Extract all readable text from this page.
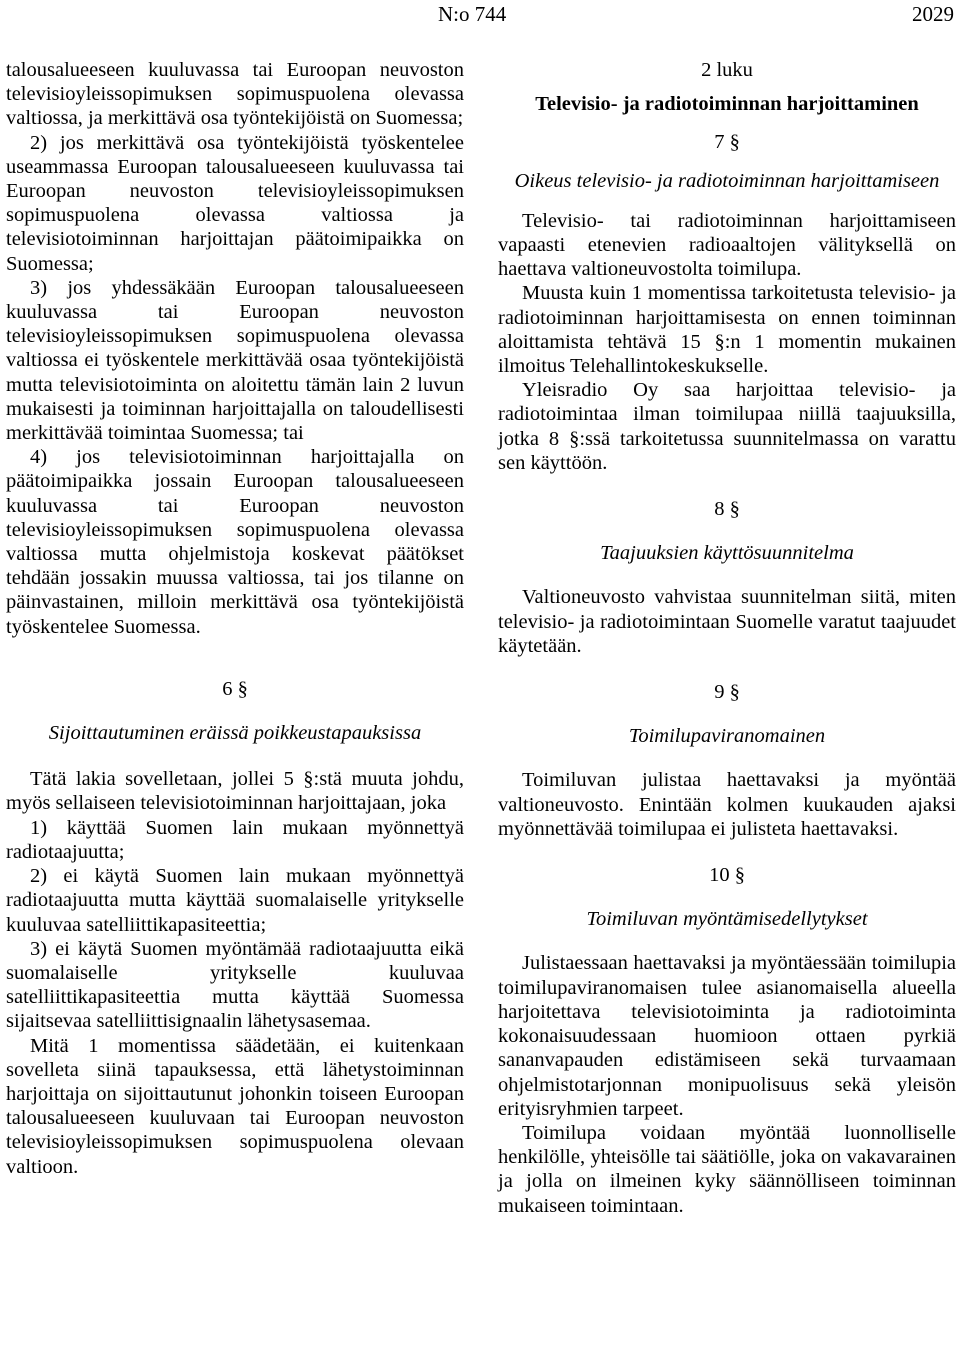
N:o 744	2029

talousalueeseen kuuluvassa tai Euroopan neuvoston televisioyleissopimuksen sopimuspuolena olevassa valtiossa, ja merkittävä osa työntekijöistä on Suomessa;

2) jos merkittävä osa työntekijöistä työskentelee useammassa Euroopan talousalueeseen kuuluvassa tai Euroopan neuvoston televisioyleissopimuksen sopimuspuolena olevassa valtiossa ja televisiotoiminnan harjoittajan päätoimipaikka on Suomessa;

3) jos yhdessäkään Euroopan talousalueeseen kuuluvassa tai Euroopan neuvoston televisioyleissopimuksen sopimuspuolena olevassa valtiossa ei työskentele merkittävää osaa työntekijöistä mutta televisiotoiminta on aloitettu tämän lain 2 luvun mukaisesti ja toiminnan harjoittajalla on taloudellisesti merkittävää toimintaa Suomessa; tai

4) jos televisiotoiminnan harjoittajalla on päätoimipaikka jossain Euroopan talousalueeseen kuuluvassa tai Euroopan neuvoston televisioyleissopimuksen sopimuspuolena olevassa valtiossa mutta ohjelmistoja koskevat päätökset tehdään jossakin muussa valtiossa, tai jos tilanne on päinvastainen, milloin merkittävä osa työntekijöistä työskentelee Suomessa.

6 §

Sijoittautuminen eräissä poikkeustapauksissa

Tätä lakia sovelletaan, jollei 5 §:stä muuta johdu, myös sellaiseen televisiotoiminnan harjoittajaan, joka

1) käyttää Suomen lain mukaan myönnettyä radiotaajuutta;

2) ei käytä Suomen lain mukaan myönnettyä radiotaajuutta mutta käyttää suomalaiselle yritykselle kuuluvaa satelliittikapasiteettia;

3) ei käytä Suomen myöntämää radiotaajuutta eikä suomalaiselle yritykselle kuuluvaa satelliittikapasiteettia mutta käyttää Suomessa sijaitsevaa satelliittisignaalin lähetysasemaa.

Mitä 1 momentissa säädetään, ei kuitenkaan sovelleta siinä tapauksessa, että lähetystoiminnan harjoittaja on sijoittautunut johonkin toiseen Euroopan talousalueeseen kuuluvaan tai Euroopan neuvoston televisioyleissopimuksen sopimuspuolena olevaan valtioon.

2 luku

Televisio- ja radiotoiminnan harjoittaminen

7 §

Oikeus televisio- ja radiotoiminnan harjoittamiseen

Televisio- tai radiotoiminnan harjoittamiseen vapaasti etenevien radioaaltojen välityksellä on haettava valtioneuvostolta toimilupa.

Muusta kuin 1 momentissa tarkoitetusta televisio- ja radiotoiminnan harjoittamisesta on ennen toiminnan aloittamista tehtävä 15 §:n 1 momentin mukainen ilmoitus Telehallintokeskukselle.

Yleisradio Oy saa harjoittaa televisio- ja radiotoimintaa ilman toimilupaa niillä taajuuksilla, jotka 8 §:ssä tarkoitetussa suunnitelmassa on varattu sen käyttöön.

8 §

Taajuuksien käyttösuunnitelma

Valtioneuvosto vahvistaa suunnitelman siitä, miten televisio- ja radiotoimintaan Suomelle varatut taajuudet käytetään.

9 §

Toimilupaviranomainen

Toimiluvan julistaa haettavaksi ja myöntää valtioneuvosto. Enintään kolmen kuukauden ajaksi myönnettävää toimilupaa ei julisteta haettavaksi.

10 §

Toimiluvan myöntämisedellytykset

Julistaessaan haettavaksi ja myöntäessään toimilupia toimilupaviranomaisen tulee asianomaisella alueella harjoitettava televisiotoiminta ja radiotoiminta kokonaisuudessaan huomioon ottaen pyrkiä sananvapauden edistämiseen sekä turvaamaan ohjelmistotarjonnan monipuolisuus sekä yleisön erityisryhmien tarpeet.

Toimilupa voidaan myöntää luonnolliselle henkilölle, yhteisölle tai säätiölle, joka on vakavarainen ja jolla on ilmeinen kyky säännölliseen toiminnan mukaiseen toimintaan.
